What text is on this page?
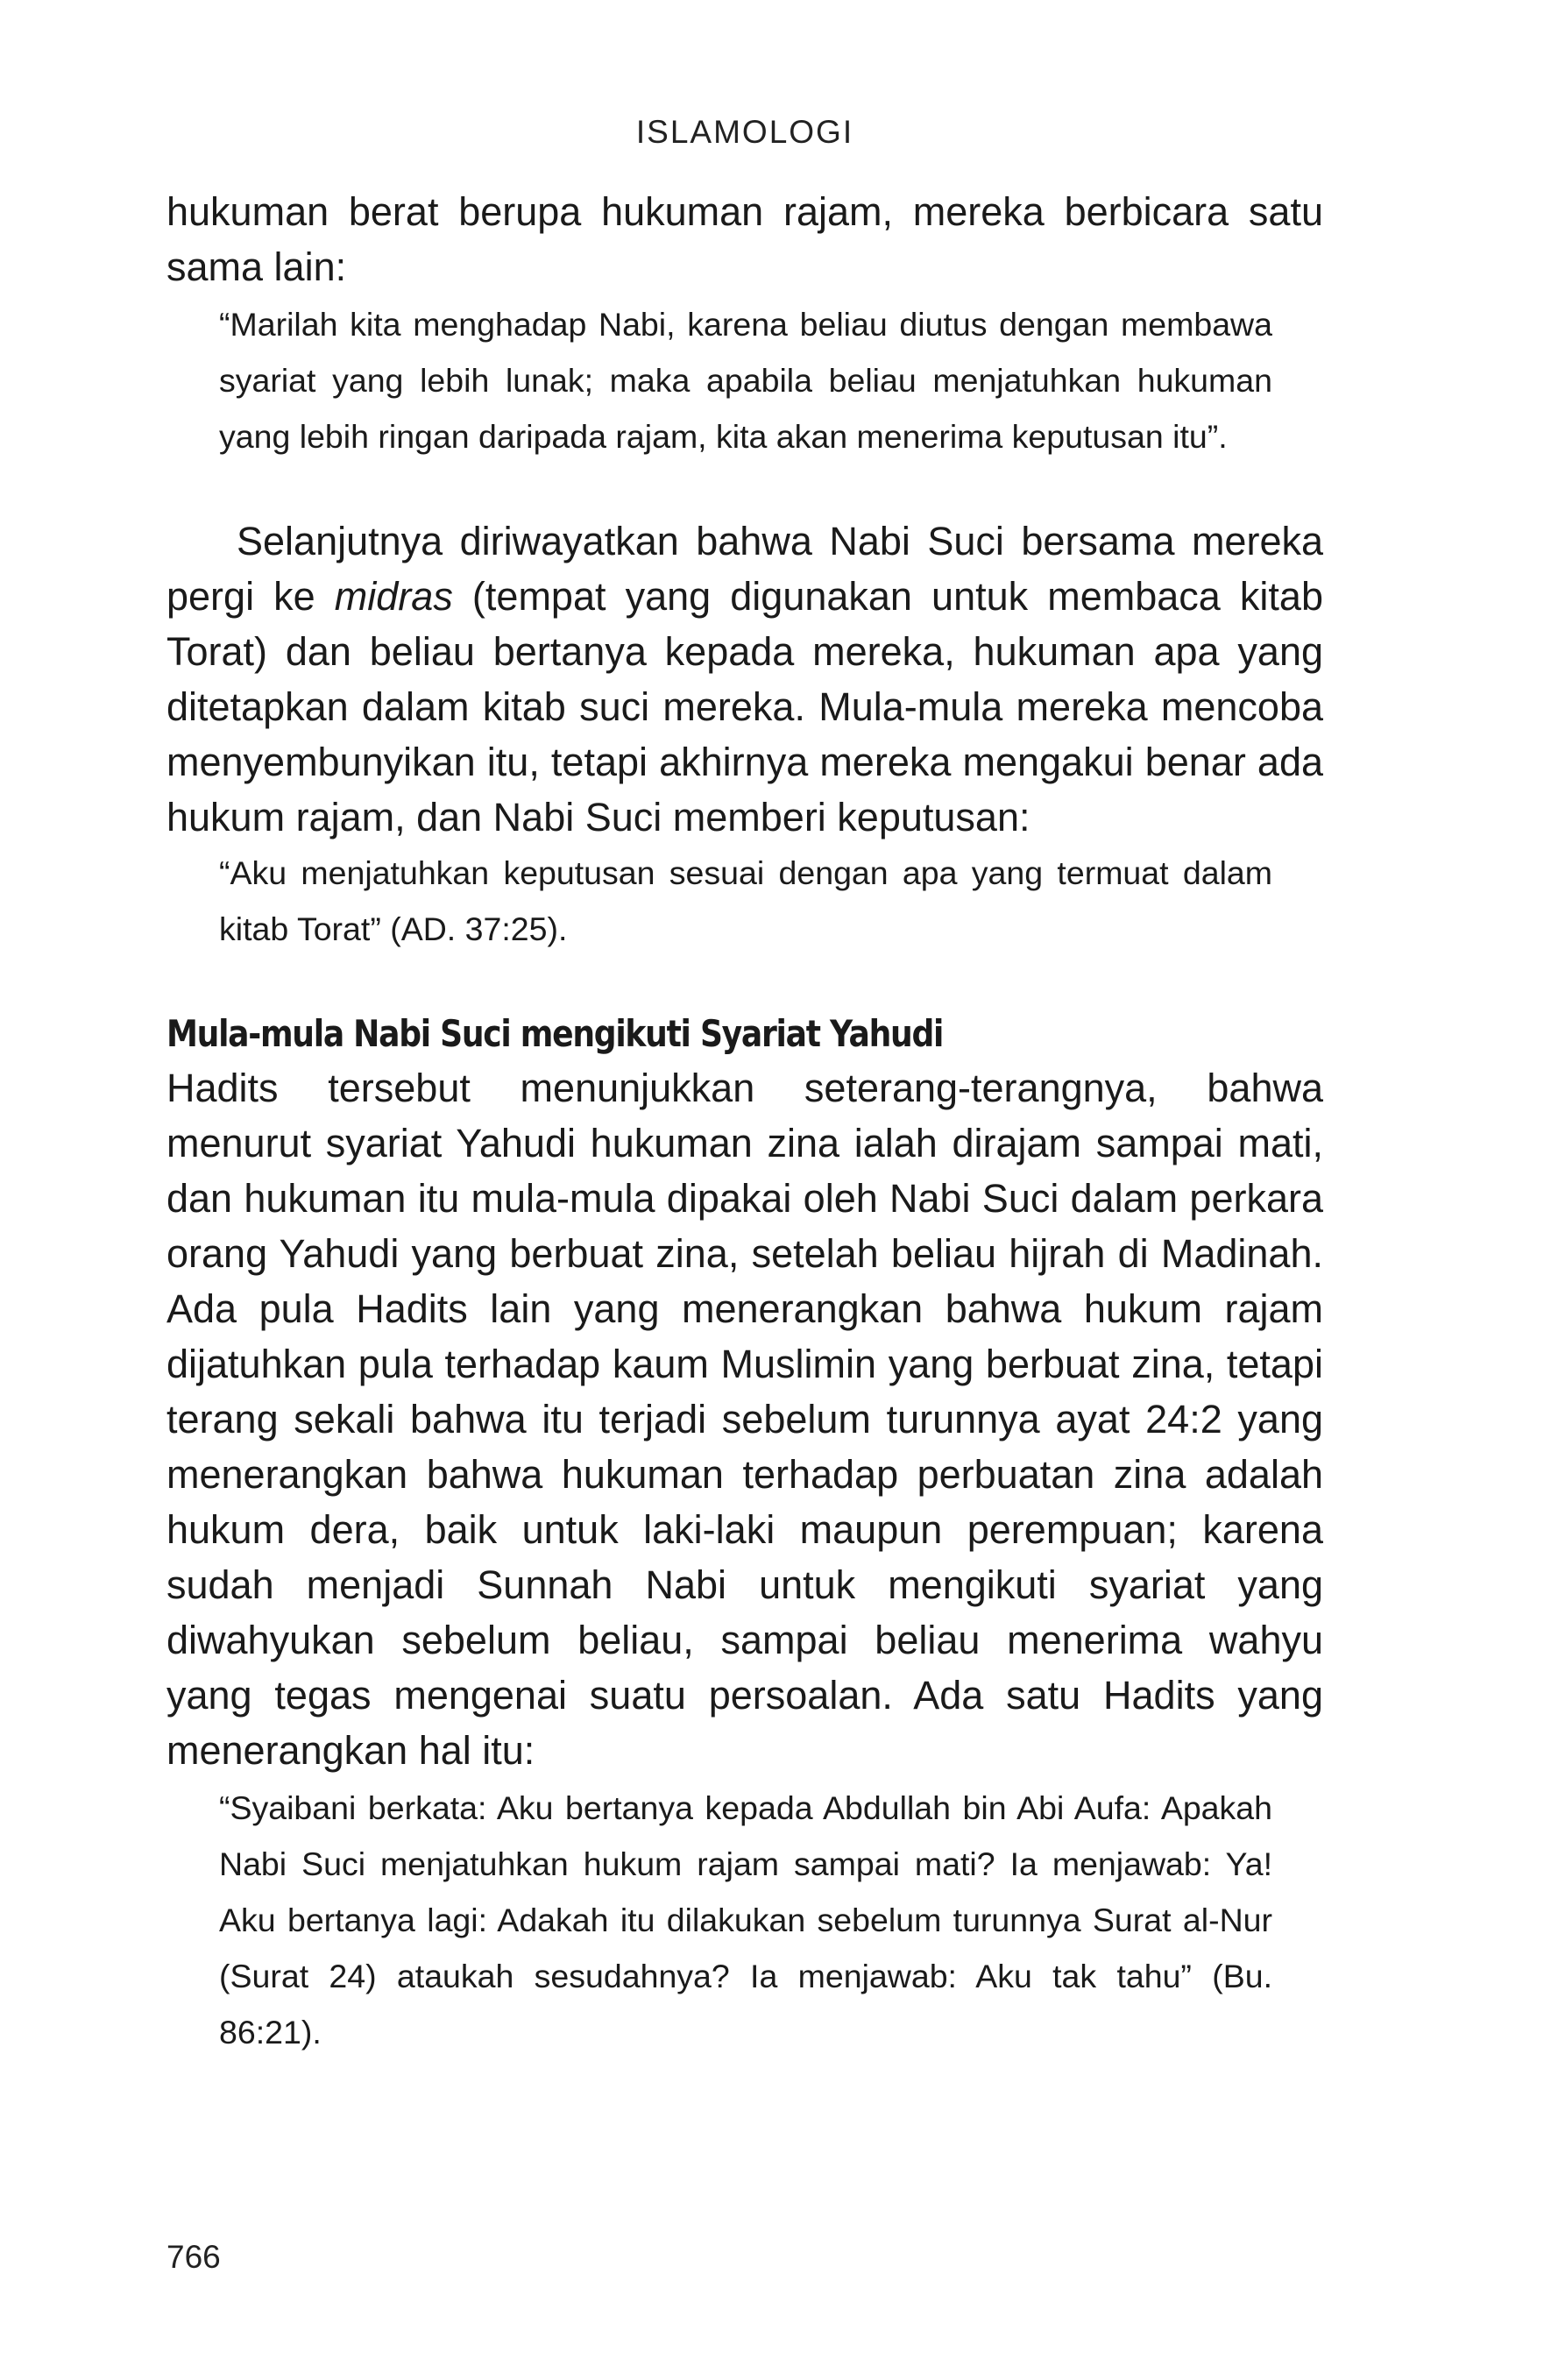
ISLAMOLOGI

hukuman berat berupa hukuman rajam, mereka berbicara satu sama lain:

“Marilah kita menghadap Nabi, karena beliau diutus dengan membawa syariat yang lebih lunak; maka apabila beliau menjatuhkan hukuman yang lebih ringan daripada rajam, kita akan menerima keputusan itu”.

Selanjutnya diriwayatkan bahwa Nabi Suci bersama mereka pergi ke midras (tempat yang digunakan untuk membaca kitab Torat) dan beliau bertanya kepada mereka, hukuman apa yang ditetapkan dalam kitab suci mereka. Mula-mula mereka mencoba menyembunyikan itu, tetapi akhirnya mereka mengakui benar ada hukum rajam, dan Nabi Suci memberi keputusan:

“Aku menjatuhkan keputusan sesuai dengan apa yang termuat dalam kitab Torat” (AD. 37:25).

Mula-mula Nabi Suci mengikuti Syariat Yahudi

Hadits tersebut menunjukkan seterang-terangnya, bahwa menurut syariat Yahudi hukuman zina ialah dirajam sampai mati, dan hukuman itu mula-mula dipakai oleh Nabi Suci dalam perkara orang Yahudi yang berbuat zina, setelah beliau hijrah di Madinah. Ada pula Hadits lain yang menerangkan bahwa hukum rajam dijatuhkan pula terhadap kaum Muslimin yang berbuat zina, tetapi terang sekali bahwa itu terjadi sebelum turunnya ayat 24:2 yang menerangkan bahwa hukuman terhadap perbuatan zina adalah hukum dera, baik untuk laki-laki maupun perempuan; karena sudah menjadi Sunnah Nabi untuk mengikuti syariat yang diwahyukan sebelum beliau, sampai beliau menerima wahyu yang tegas mengenai suatu persoalan. Ada satu Hadits yang menerangkan hal itu:

“Syaibani berkata: Aku bertanya kepada Abdullah bin Abi Aufa: Apakah Nabi Suci menjatuhkan hukum rajam sampai mati? Ia menjawab: Ya! Aku bertanya lagi: Adakah itu dilakukan sebelum turunnya Surat al-Nur (Surat 24) ataukah sesudahnya? Ia menjawab: Aku tak tahu” (Bu. 86:21).

766
